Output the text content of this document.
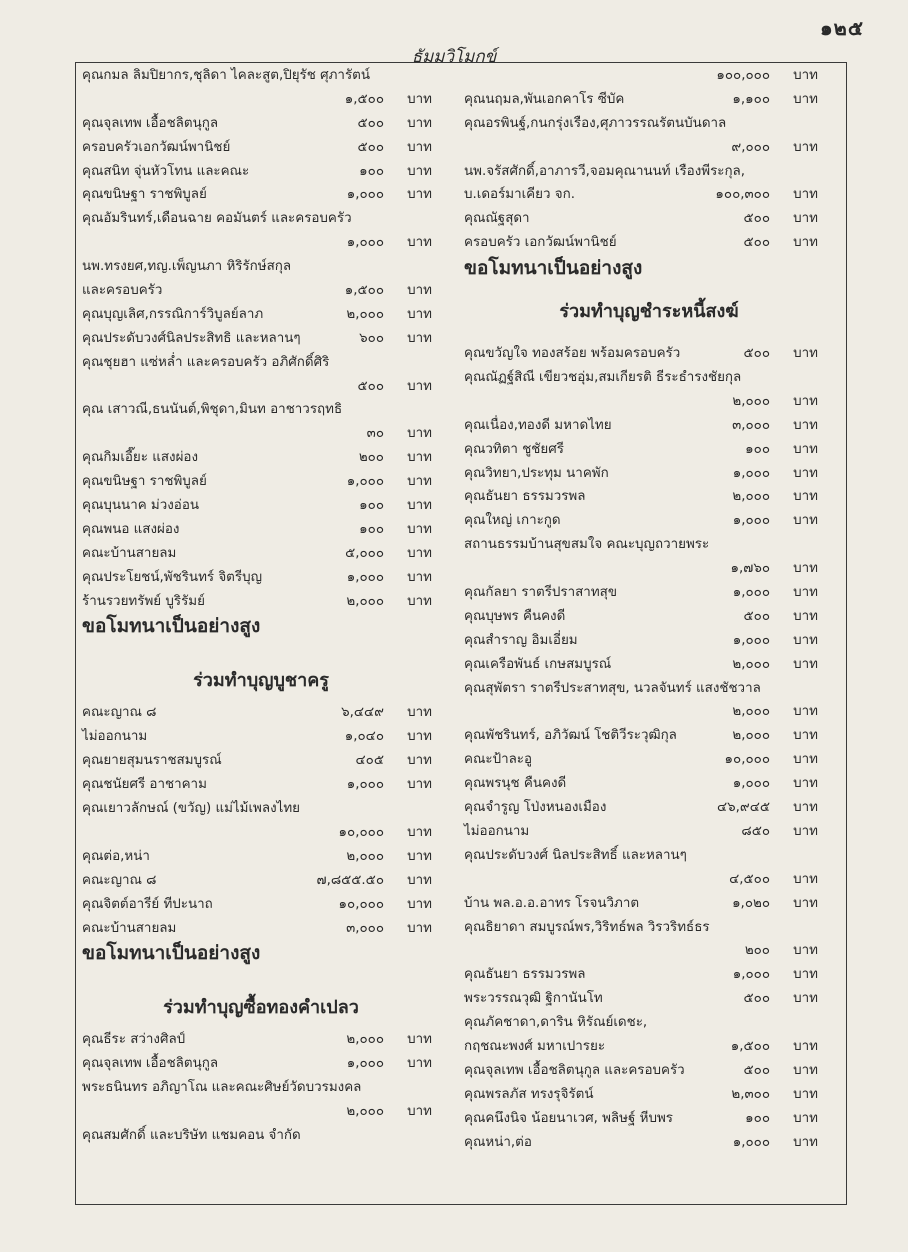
๑๒๕
ธัมมวิโมกข์
คุณกมล ลิมปิยากร,ชุลิดา ไคละสูต,ปิยุรัช ศุภารัตน์
๑,๕๐๐ บาท
คุณจุลเทพ เอื้อชลิตนุกูล	๕๐๐ บาท
ครอบครัวเอกวัฒน์พานิชย์	๕๐๐ บาท
คุณสนิท จุ่นหัวโทน และคณะ	๑๐๐ บาท
คุณขนิษฐา ราชพิบูลย์	๑,๐๐๐ บาท
คุณอัมรินทร์,เดือนฉาย คอมันตร์ และครอบครัว
๑,๐๐๐ บาท
นพ.ทรงยศ,ทญ.เพ็ญนภา หิริรักษ์สกุล
และครอบครัว	๑,๕๐๐ บาท
คุณบุญเลิศ,กรรณิการ์วิบูลย์ลาภ	๒,๐๐๐ บาท
คุณประดับวงศ์นิลประสิทธิ และหลานๆ	๖๐๐ บาท
คุณชุยฮา แซ่หล่ำ และครอบครัว อภิศักดิ์ศิริ
๕๐๐ บาท
คุณ เสาวณี,ธนนันต์,พิชุดา,มินท อาชาวรฤทธิ
๓๐ บาท
คุณกิมเอี๊ยะ แสงผ่อง	๒๐๐ บาท
คุณขนิษฐา ราชพิบูลย์	๑,๐๐๐ บาท
คุณบุนนาค ม่วงอ่อน	๑๐๐ บาท
คุณพนอ แสงผ่อง	๑๐๐ บาท
คณะบ้านสายลม	๕,๐๐๐ บาท
คุณประโยชน์,พัชรินทร์ จิตรีบุญ	๑,๐๐๐ บาท
ร้านรวยทรัพย์ บูริรัมย์	๒,๐๐๐ บาท
ขอโมทนาเป็นอย่างสูง
ร่วมทำบุญบูชาครู
คณะญาณ ๘	๖,๔๔๙ บาท
ไม่ออกนาม	๑,๐๔๐ บาท
คุณยายสุมนราชสมบูรณ์	๔๐๕ บาท
คุณชนัยศรี อาชาคาม	๑,๐๐๐ บาท
คุณเยาวลักษณ์ (ขวัญ) แม่ไม้เพลงไทย
๑๐,๐๐๐ บาท
คุณต่อ,หน่า	๒,๐๐๐ บาท
คณะญาณ ๘	๗,๘๕๕.๕๐ บาท
คุณจิตต์อารีย์ ทีปะนาถ	๑๐,๐๐๐ บาท
คณะบ้านสายลม	๓,๐๐๐ บาท
ขอโมทนาเป็นอย่างสูง
ร่วมทำบุญซื้อทองคำเปลว
คุณธีระ สว่างศิลป์	๒,๐๐๐ บาท
คุณจุลเทพ เอื้อชลิตนุกูล	๑,๐๐๐ บาท
พระธนินทร อภิญาโณ และคณะศิษย์วัดบวรมงคล
๒,๐๐๐ บาท
คุณสมศักดิ์ และบริษัท แชมคอน จำกัด
๑๐๐,๐๐๐ บาท
คุณนฤมล,พันเอกคาโร ซีบัค	๑,๑๐๐ บาท
คุณอรพินฐ์,กนกรุ่งเรือง,ศุภาวรรณรัตนบันดาล
๙,๐๐๐ บาท
นพ.จรัสศักดิ์,อาภารวี,จอมคุณานนท์ เรืองพีระกุล,
บ.เดอร์มาเคียว จก.	๑๐๐,๓๐๐ บาท
คุณณัฐสุดา	๕๐๐ บาท
ครอบครัว เอกวัฒน์พานิชย์	๕๐๐ บาท
ขอโมทนาเป็นอย่างสูง
ร่วมทำบุญชำระหนี้สงฆ์
คุณขวัญใจ ทองสร้อย พร้อมครอบครัว	๕๐๐ บาท
คุณณัฏฐ์สิณี เขียวชอุ่ม,สมเกียรติ ธีระธำรงชัยกุล
๒,๐๐๐ บาท
คุณเนื่อง,ทองดี มหาดไทย	๓,๐๐๐ บาท
คุณวทิตา ชูชัยศรี	๑๐๐ บาท
คุณวิทยา,ประทุม นาคพัก	๑,๐๐๐ บาท
คุณธันยา ธรรมวรพล	๒,๐๐๐ บาท
คุณใหญ่ เกาะกูด	๑,๐๐๐ บาท
สถานธรรมบ้านสุขสมใจ คณะบุญถวายพระ
๑,๗๖๐ บาท
คุณกัลยา ราตรีปราสาทสุข	๑,๐๐๐ บาท
คุณบุษพร คืนคงดี	๕๐๐ บาท
คุณสำราญ อิมเอี่ยม	๑,๐๐๐ บาท
คุณเครือพันธ์ เกษสมบูรณ์	๒,๐๐๐ บาท
คุณสุพัตรา ราตรีประสาทสุข, นวลจันทร์ แสงชัชวาล
๒,๐๐๐ บาท
คุณพัชรินทร์, อภิวัฒน์ โชติวีระวุฒิกุล	๒,๐๐๐ บาท
คณะป้าละอู	๑๐,๐๐๐ บาท
คุณพรนุช คืนคงดี	๑,๐๐๐ บาท
คุณจำรูญ โป่งหนองเมือง	๔๖,๙๔๕ บาท
ไม่ออกนาม	๘๕๐ บาท
คุณประดับวงศ์ นิลประสิทธิ์ และหลานๆ
๔,๕๐๐ บาท
บ้าน พล.อ.อ.อาทร โรจนวิภาต	๑,๐๒๐ บาท
คุณธิยาดา สมบูรณ์พร,วิริทธ์พล วิรวริทธ์ธร
๒๐๐ บาท
คุณธันยา ธรรมวรพล	๑,๐๐๐ บาท
พระวรรณวุฒิ ฐิกานันโท	๕๐๐ บาท
คุณภัคชาดา,ดาริน หิรัณย์เดชะ,
กฤชณะพงศ์ มหาเปารยะ	๑,๕๐๐ บาท
คุณจุลเทพ เอื้อชลิตนุกูล และครอบครัว	๕๐๐ บาท
คุณพรลภัส ทรงรุจิรัตน์	๒,๓๐๐ บาท
คุณคนึงนิจ น้อยนาเวศ, พลิษฐ์ หีบพร	๑๐๐ บาท
คุณหน่า,ต่อ	๑,๐๐๐ บาท
